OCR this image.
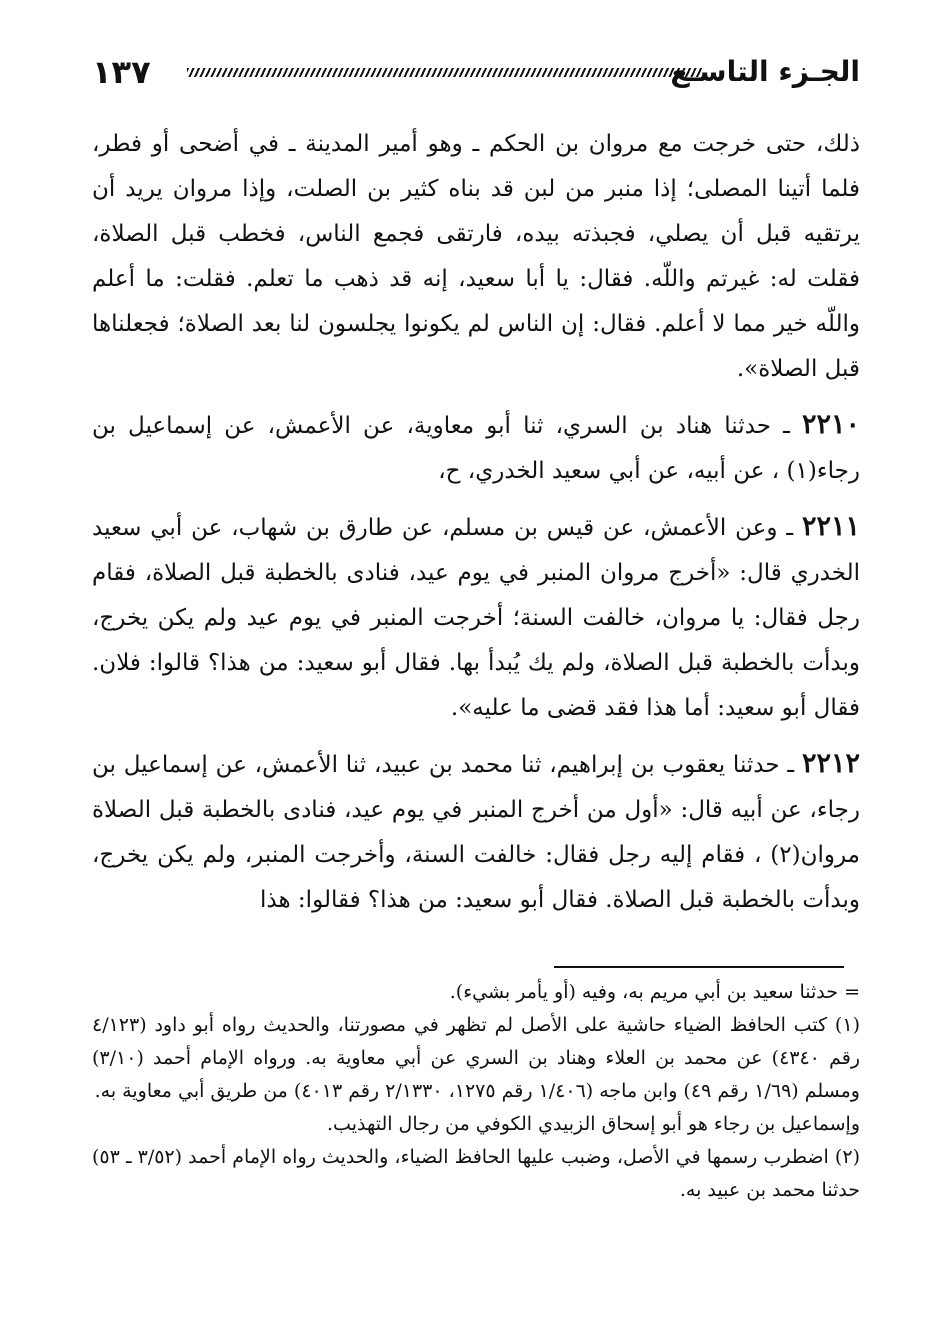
١٣٧	الجـزء التاسـع

ذلك، حتى خرجت مع مروان بن الحكم ـ وهو أمير المدينة ـ في أضحى أو فطر، فلما أتينا المصلى؛ إذا منبر من لبن قد بناه كثير بن الصلت، وإذا مروان يريد أن يرتقيه قبل أن يصلي، فجبذته بيده، فارتقى فجمع الناس، فخطب قبل الصلاة، فقلت له: غيرتم واللّه. فقال: يا أبا سعيد، إنه قد ذهب ما تعلم. فقلت: ما أعلم واللّه خير مما لا أعلم. فقال: إن الناس لم يكونوا يجلسون لنا بعد الصلاة؛ فجعلناها قبل الصلاة».

٢٢١٠ ـ حدثنا هناد بن السري، ثنا أبو معاوية، عن الأعمش، عن إسماعيل بن رجاء(١) ، عن أبيه، عن أبي سعيد الخدري، ح،

٢٢١١ ـ وعن الأعمش، عن قيس بن مسلم، عن طارق بن شهاب، عن أبي سعيد الخدري قال: «أخرج مروان المنبر في يوم عيد، فنادى بالخطبة قبل الصلاة، فقام رجل فقال: يا مروان، خالفت السنة؛ أخرجت المنبر في يوم عيد ولم يكن يخرج، وبدأت بالخطبة قبل الصلاة، ولم يك يُبدأ بها. فقال أبو سعيد: من هذا؟ قالوا: فلان. فقال أبو سعيد: أما هذا فقد قضى ما عليه».

٢٢١٢ ـ حدثنا يعقوب بن إبراهيم، ثنا محمد بن عبيد، ثنا الأعمش، عن إسماعيل بن رجاء، عن أبيه قال: «أول من أخرج المنبر في يوم عيد، فنادى بالخطبة قبل الصلاة مروان(٢) ، فقام إليه رجل فقال: خالفت السنة، وأخرجت المنبر، ولم يكن يخرج، وبدأت بالخطبة قبل الصلاة. فقال أبو سعيد: من هذا؟ فقالوا: هذا

= حدثنا سعيد بن أبي مريم به، وفيه (أو يأمر بشيء).

(١) كتب الحافظ الضياء حاشية على الأصل لم تظهر في مصورتنا، والحديث رواه أبو داود (٤/١٢٣ رقم ٤٣٤٠) عن محمد بن العلاء وهناد بن السري عن أبي معاوية به. ورواه الإمام أحمد (٣/١٠) ومسلم (١/٦٩ رقم ٤٩) وابن ماجه (١/٤٠٦ رقم ١٢٧٥، ٢/١٣٣٠ رقم ٤٠١٣) من طريق أبي معاوية به.

وإسماعيل بن رجاء هو أبو إسحاق الزبيدي الكوفي من رجال التهذيب.

(٢) اضطرب رسمها في الأصل، وضبب عليها الحافظ الضياء، والحديث رواه الإمام أحمد (٣/٥٢ ـ ٥٣) حدثنا محمد بن عبيد به.
